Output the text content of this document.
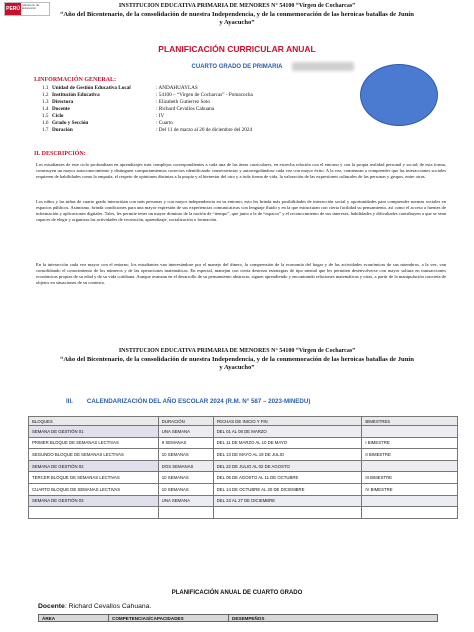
PERÚ
Ministerio de Educación	INSTITUCION EDUCATIVA PRIMARIA DE MENORES N° 54100 “Virgen de Cocharcas”
“Año del Bicentenario, de la consolidación de nuestra Independencia, y de la conmemoración de las heroicas batallas de Junín y Ayacucho”
PLANIFICACIÓN CURRICULAR ANUAL
CUARTO GRADO DE PRIMARIA
I.INFORMACIÓN GENERAL:
1.1 Unidad de Gestión Educativa Local	: ANDAHUAYLAS
1.2 Institución Educativa	: 54100 – “Virgen de Cocharcas” - Pomacocha
1.3 Directora	: Elizabeth Gutierrez Soto
1.4 Docente	: Richard Cevallos Cahuana
1.5 Ciclo	: IV
1.6 Grado y Sección	: Cuarto
1.7 Duración	: Del 11 de marzo al 20 de diciembre del 2024
II. DESCRIPCIÓN:
Los estudiantes de este ciclo profundizan en aprendizajes más complejos correspondientes a cada una de las áreas curriculares, en estrecha relación con el entorno y con la propia realidad personal y social; de esta forma, construyen un mayor autoconocimiento y distinguen comportamientos correctos identificando consecuencias y autorregulándose cada vez con mayor éxito. A la vez, comienzan a comprender que las interacciones sociales requieren de habilidades como la empatía, el respeto de opiniones distintas a la propia y al bienestar del otro y a toda forma de vida, la valoración de las expresiones culturales de las personas y grupos, entre otras.
Los niños y las niñas de cuarto grado interactúan con más personas y con mayor independencia en su entorno; esto les brinda más posibilidades de interacción social y oportunidades para comprender normas sociales en espacios públicos. Asimismo, brinda condiciones para una mayor expresión de sus experiencias comunicativas con lenguaje fluido y en la que estructuran con cierta facilidad su pensamiento, así como el acceso a fuentes de información y aplicaciones digitales. Tales, les permite tener un mayor dominio de la noción de “tiempo”, que junto a la de “espacio” y el reconocimiento de sus intereses, habilidades y dificultades contribuyen a que se sean capaces de elegir y organizar las actividades de recreación, aprendizaje, socialización o formación.
En la interacción cada vez mayor con el entorno, los estudiantes van interesándose por el manejo del dinero, la comprensión de la economía del hogar y de las actividades económicas de sus miembros, a la vez, van consolidando el conocimiento de los números y de las operaciones matemáticas. En especial, manejan con cierta destreza estrategias de tipo mental que les permiten desenvolverse con mayor soltura en transacciones económicas propias de su edad y de su vida cotidiana. Aunque avanzan en el desarrollo de su pensamiento abstracto, siguen aprendiendo y encontrando relaciones matemáticas y otras, a partir de la manipulación concreta de objetos en situaciones de su contexto.
INSTITUCION EDUCATIVA PRIMARIA DE MENORES N° 54100 “Virgen de Cocharcas”
“Año del Bicentenario, de la consolidación de nuestra Independencia, y de la conmemoración de las heroicas batallas de Junín y Ayacucho”
III. CALENDARIZACIÓN DEL AÑO ESCOLAR 2024 (R.M. N° 587 – 2023-MINEDU)
BLOQUES	DURACIÓN	FECHAS DE INICIO Y FIN	BIMESTRES
SEMANA DE GESTIÓN 01	UNA SEMANA	DEL 01 AL 08 DE MARZO	
PRIMER BLOQUE DE SEMANAS LECTIVAS	9 SEMANAS	DEL 11 DE MARZO AL 10 DE MAYO	I BIMESTRE
SEGUNDO BLOQUE DE SEMANAS LECTIVAS	10 SEMANAS	DEL 13 DE MAYO AL 19 DE JULIO	II BIMESTRE
SEMANA DE GESTIÓN 02	DOS SEMANAS	DEL 22 DE JULIO AL 02 DE AGOSTO	
TERCER BLOQUE DE SEMANAS LECTIVAS	10 SEMANAS	DEL 05 DE AGOSTO AL 11 DE OCTUBRE	III BIMESTRE
CUARTO BLOQUE DE SEMANAS LECTIVAS	10 SEMANAS	DEL 14 DE OCTUBRE AL 20 DE DICIEMBRE	IV BIMESTRE
SEMANA DE GESTIÓN 03	UNA SEMANA	DEL 23 AL 27 DE DICIEMBRE	

PLANIFICACIÓN ANUAL DE CUARTO GRADO
Docente: Richard Cevallos Cahuana.
ÁREA	COMPETENCIAS/CAPACIDADES	DESEMPEÑOS
